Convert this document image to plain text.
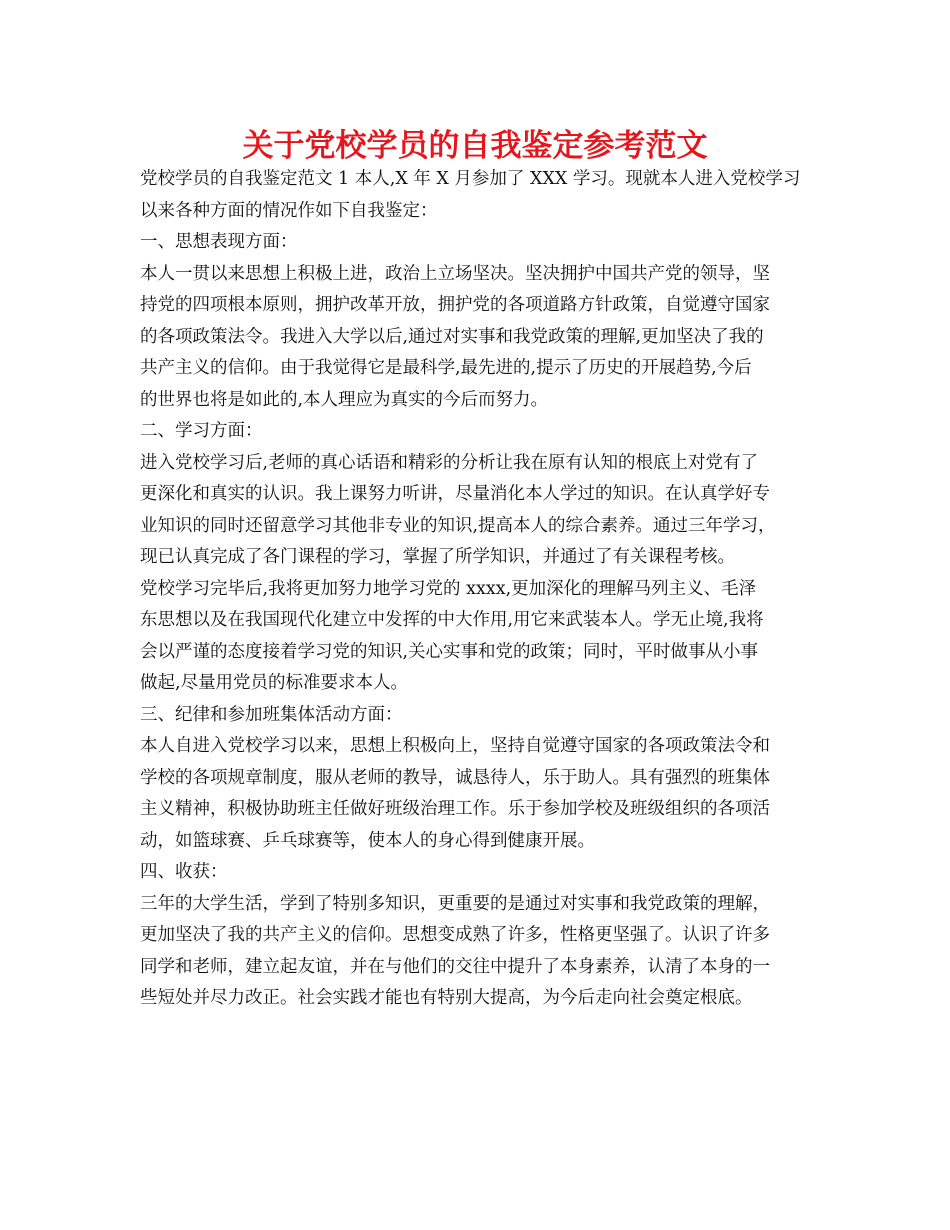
关于党校学员的自我鉴定参考范文
党校学员的自我鉴定范文 1 本人,X 年 X 月参加了 XXX 学习。现就本人进入党校学习
以来各种方面的情况作如下自我鉴定：
一、思想表现方面：
本人一贯以来思想上积极上进，政治上立场坚决。坚决拥护中国共产党的领导，坚
持党的四项根本原则，拥护改革开放，拥护党的各项道路方针政策，自觉遵守国家
的各项政策法令。我进入大学以后,通过对实事和我党政策的理解,更加坚决了我的
共产主义的信仰。由于我觉得它是最科学,最先进的,提示了历史的开展趋势,今后
的世界也将是如此的,本人理应为真实的今后而努力。
二、学习方面：
进入党校学习后,老师的真心话语和精彩的分析让我在原有认知的根底上对党有了
更深化和真实的认识。我上课努力听讲，尽量消化本人学过的知识。在认真学好专
业知识的同时还留意学习其他非专业的知识,提高本人的综合素养。通过三年学习，
现已认真完成了各门课程的学习，掌握了所学知识，并通过了有关课程考核。
党校学习完毕后,我将更加努力地学习党的 xxxx,更加深化的理解马列主义、毛泽
东思想以及在我国现代化建立中发挥的中大作用,用它来武装本人。学无止境,我将
会以严谨的态度接着学习党的知识,关心实事和党的政策；同时，平时做事从小事
做起,尽量用党员的标准要求本人。
三、纪律和参加班集体活动方面：
本人自进入党校学习以来，思想上积极向上，坚持自觉遵守国家的各项政策法令和
学校的各项规章制度，服从老师的教导，诚恳待人，乐于助人。具有强烈的班集体
主义精神，积极协助班主任做好班级治理工作。乐于参加学校及班级组织的各项活
动，如篮球赛、乒乓球赛等，使本人的身心得到健康开展。
四、收获：
三年的大学生活，学到了特别多知识，更重要的是通过对实事和我党政策的理解，
更加坚决了我的共产主义的信仰。思想变成熟了许多，性格更坚强了。认识了许多
同学和老师，建立起友谊，并在与他们的交往中提升了本身素养，认清了本身的一
些短处并尽力改正。社会实践才能也有特别大提高，为今后走向社会奠定根底。
